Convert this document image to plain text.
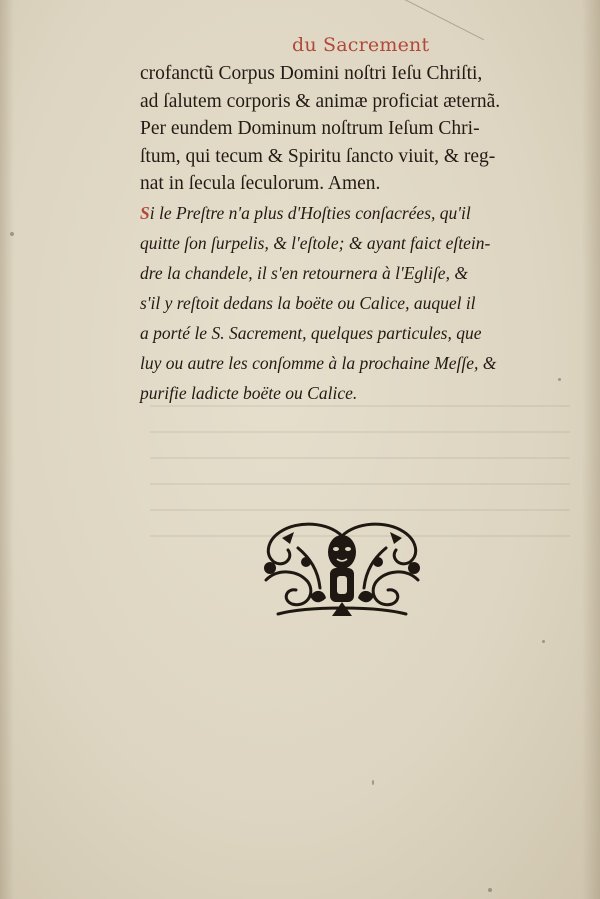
du Sacrement
crofanctũ Corpus Domini noſtri Ieſu Chriſti,
ad ſalutem corporis & animæ proficiat æternã.
Per eundem Dominum noſtrum Ieſum Chri-
ſtum, qui tecum & Spiritu ſancto viuit, & reg-
nat in ſecula ſeculorum. Amen.
Si le Preſtre n'a plus d'Hoſties conſacrées, qu'il
quitte ſon ſurpelis, & l'eſtole; & ayant faict eſtein-
dre la chandele, il s'en retournera à l'Egliſe, &
s'il y reſtoit dedans la boëte ou Calice, auquel il
a porté le S. Sacrement, quelques particules, que
luy ou autre les conſomme à la prochaine Meſſe, &
purifie ladicte boëte ou Calice.
